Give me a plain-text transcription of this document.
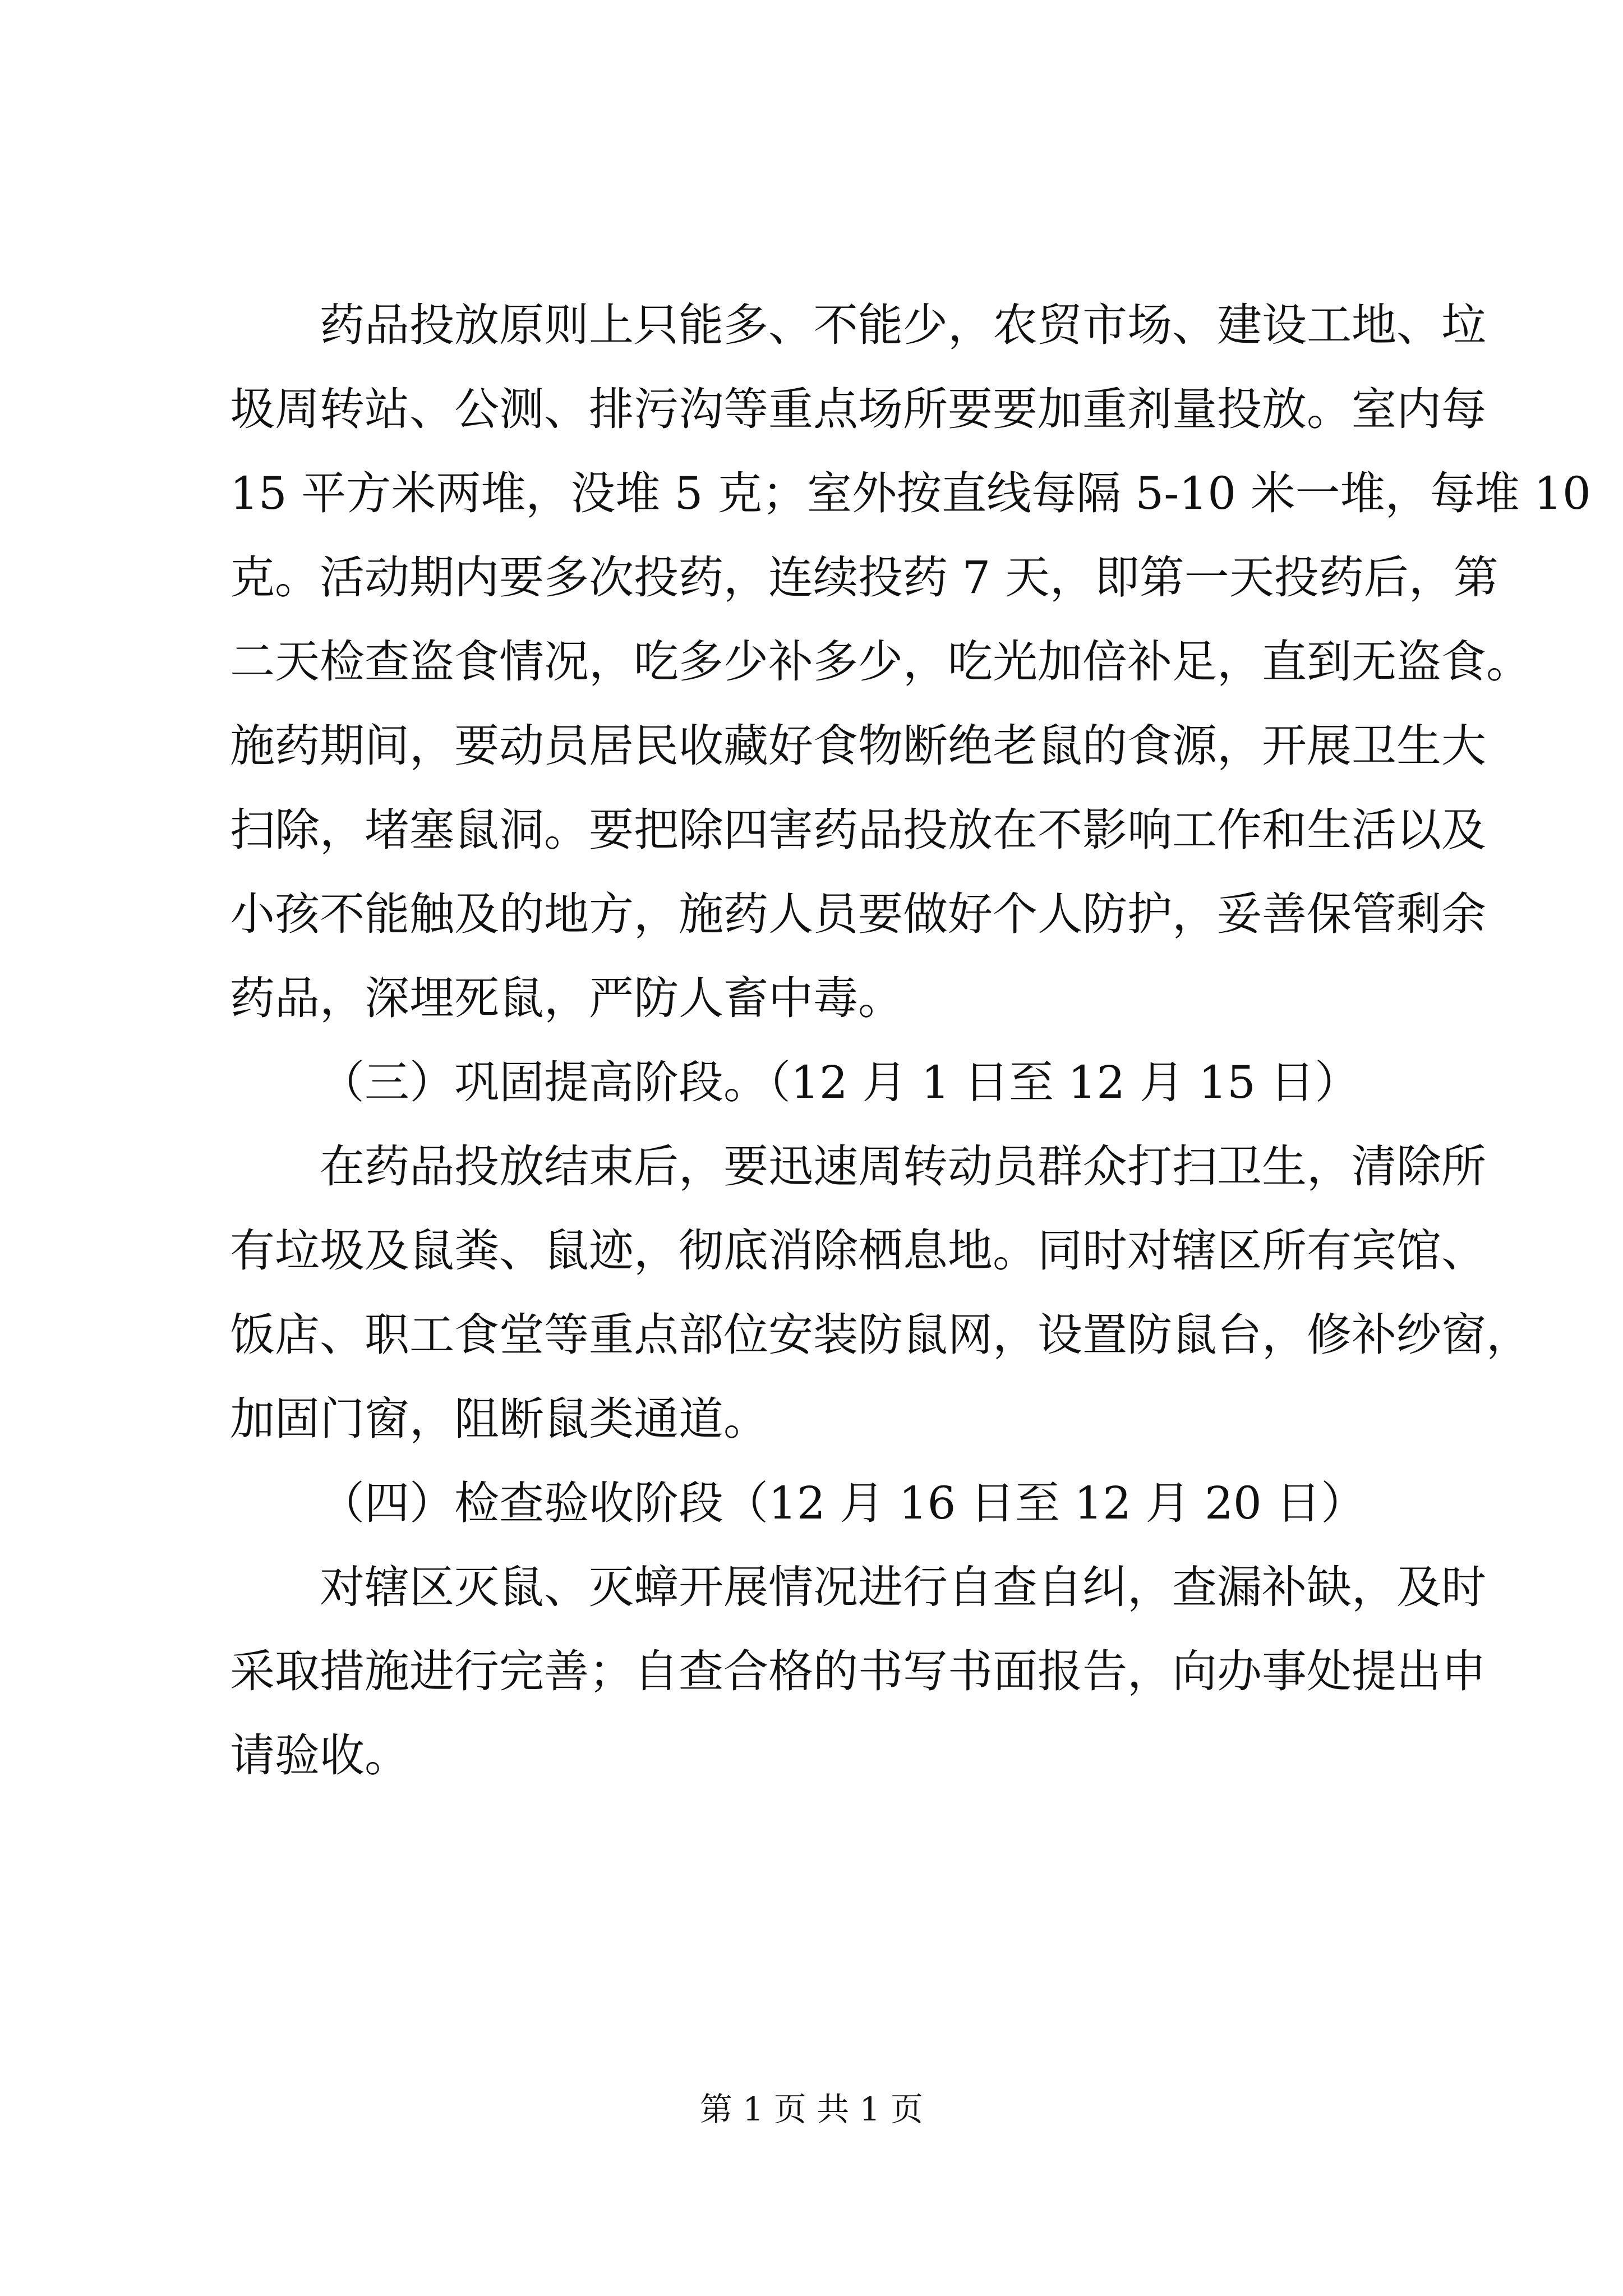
药品投放原则上只能多、不能少，农贸市场、建设工地、垃
圾周转站、公测、排污沟等重点场所要要加重剂量投放。室内每
15 平方米两堆，没堆 5 克；室外按直线每隔 5-10 米一堆，每堆 10
克。活动期内要多次投药，连续投药 7 天，即第一天投药后，第
二天检查盗食情况，吃多少补多少，吃光加倍补足，直到无盗食。
施药期间，要动员居民收藏好食物断绝老鼠的食源，开展卫生大
扫除，堵塞鼠洞。要把除四害药品投放在不影响工作和生活以及
小孩不能触及的地方，施药人员要做好个人防护，妥善保管剩余
药品，深埋死鼠，严防人畜中毒。
（三）巩固提高阶段。（12 月 1 日至 12 月 15 日）
在药品投放结束后，要迅速周转动员群众打扫卫生，清除所
有垃圾及鼠粪、鼠迹，彻底消除栖息地。同时对辖区所有宾馆、
饭店、职工食堂等重点部位安装防鼠网，设置防鼠台，修补纱窗，
加固门窗，阻断鼠类通道。
（四）检查验收阶段（12 月 16 日至 12 月 20 日）
对辖区灭鼠、灭蟑开展情况进行自查自纠，查漏补缺，及时
采取措施进行完善；自查合格的书写书面报告，向办事处提出申
请验收。
第 1 页 共 1 页
